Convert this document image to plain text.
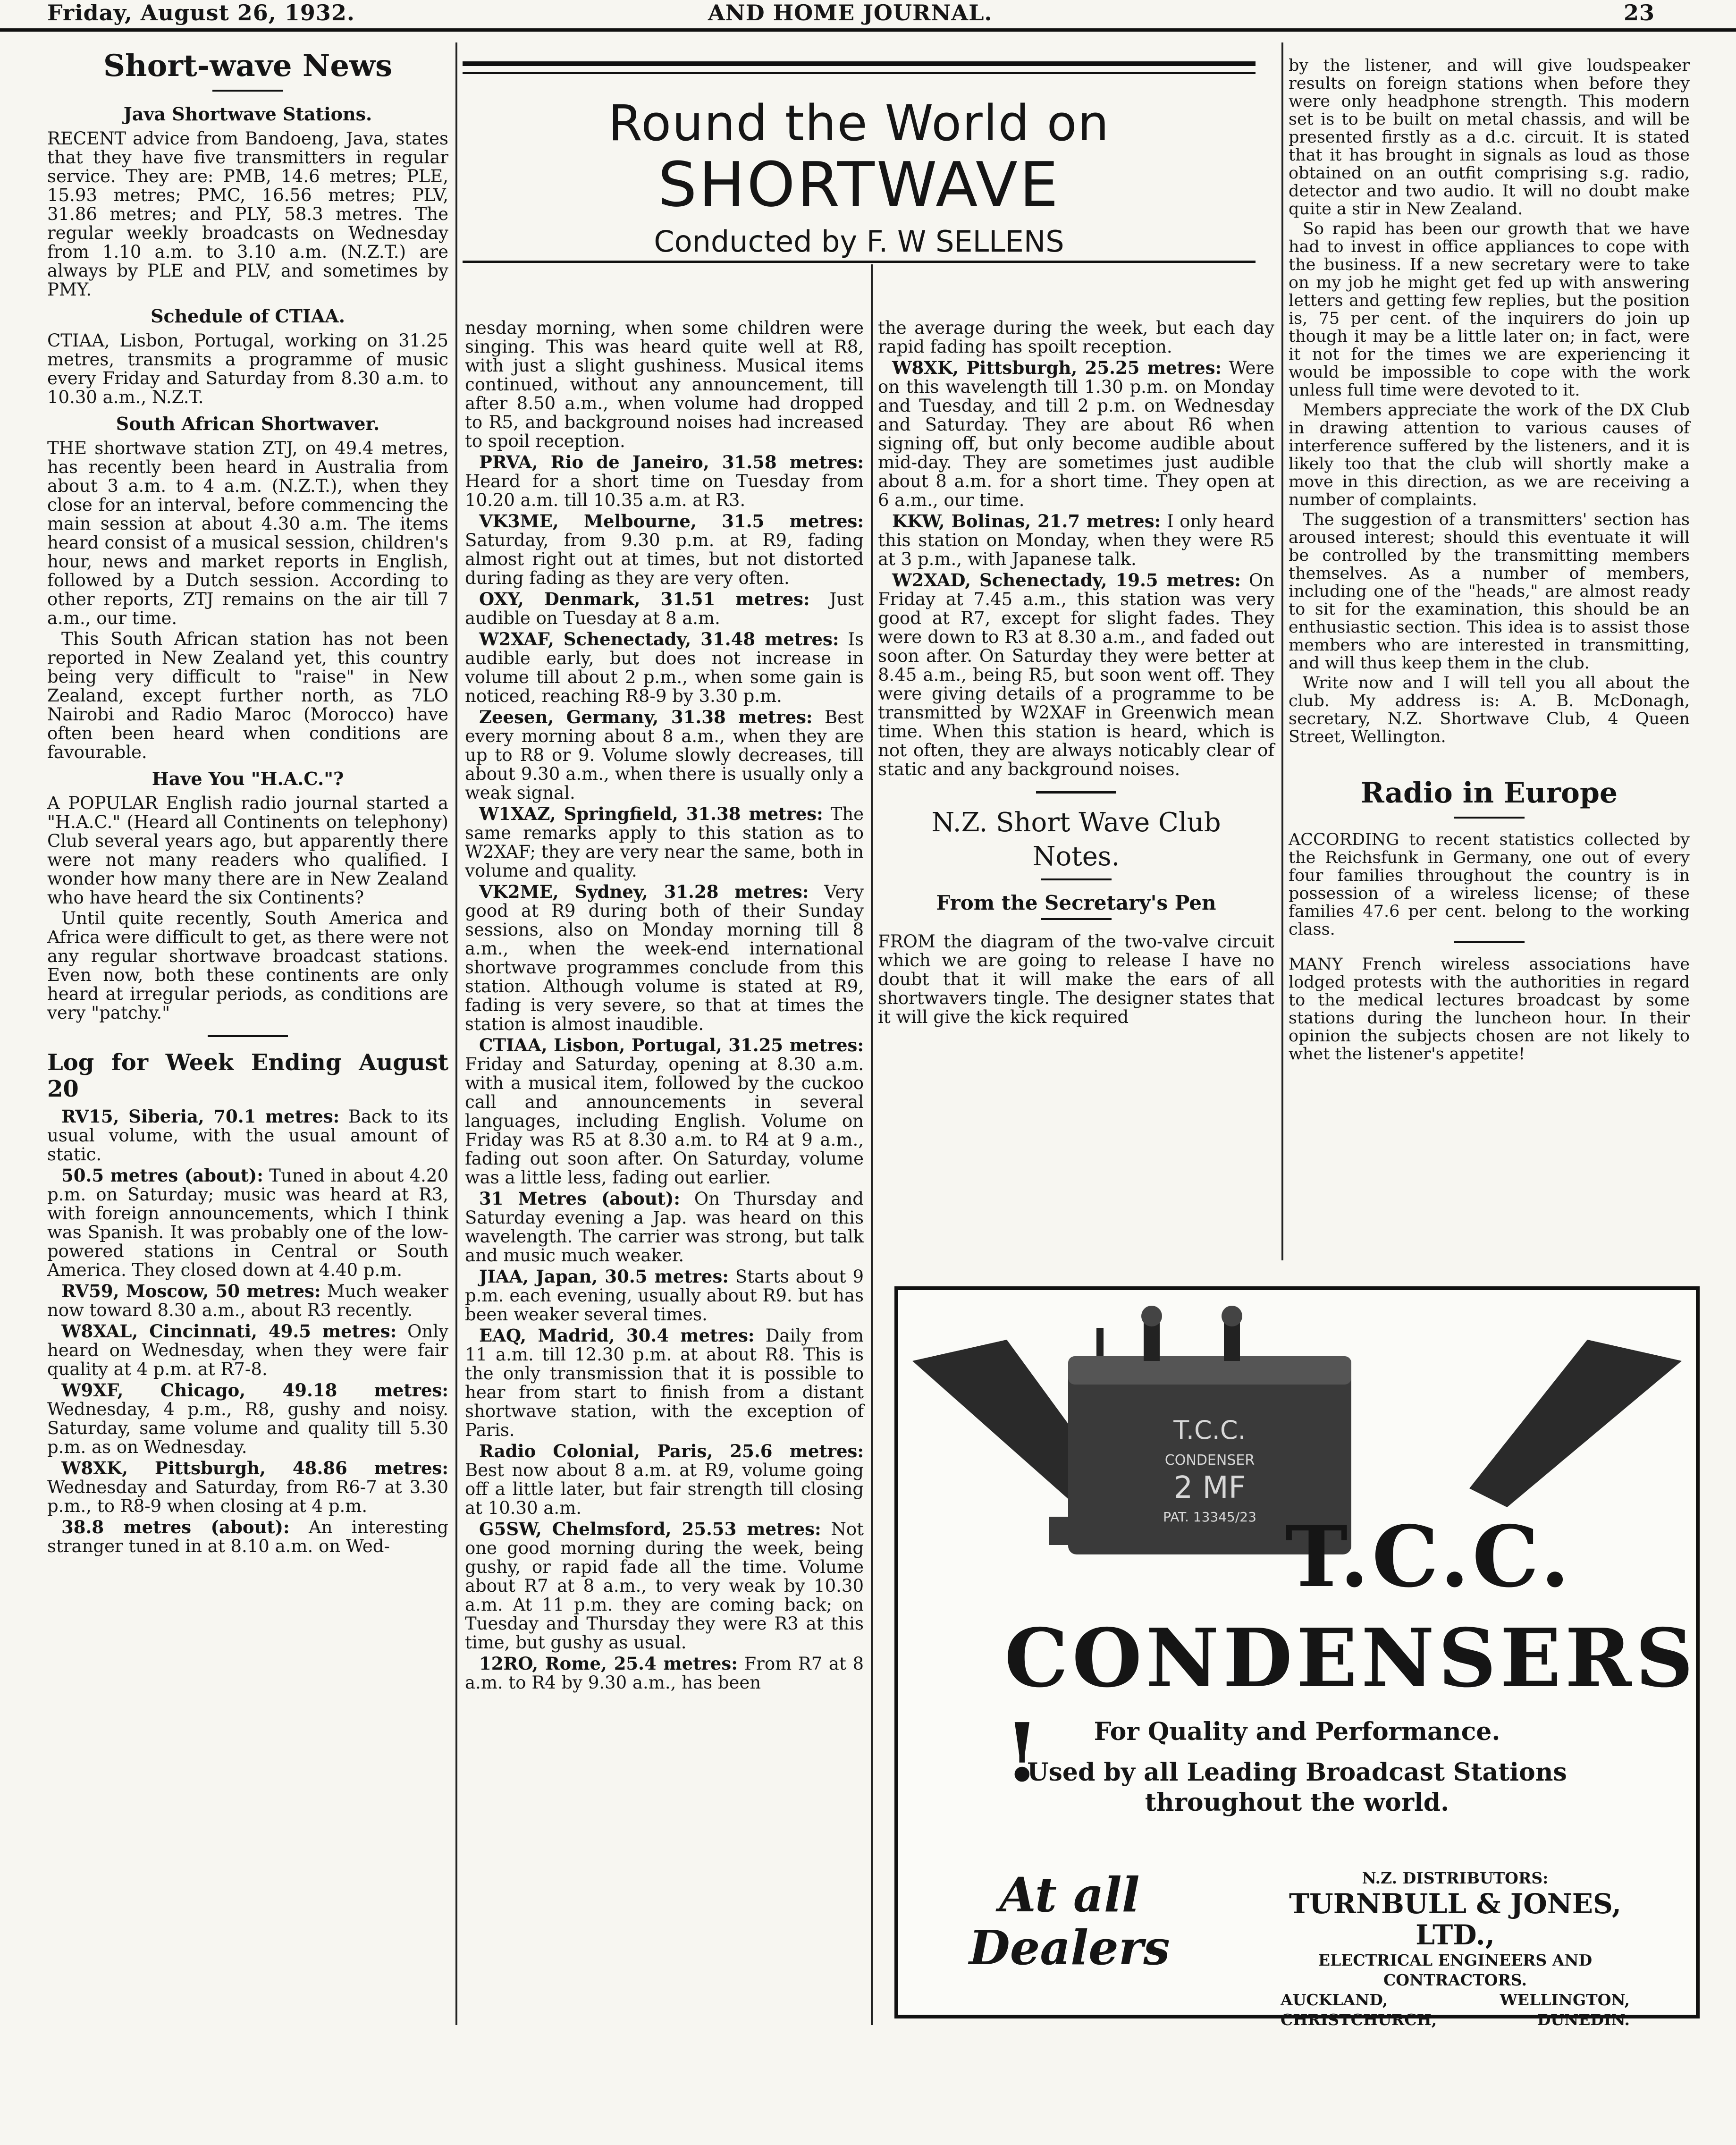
Friday, August 26, 1932.	AND HOME JOURNAL.	23
Round the World on
SHORTWAVE
Conducted by F. W SELLENS
Short-wave News
Java Shortwave Stations.

RECENT advice from Bandoeng, Java, states that they have five transmitters in regular service. They are: PMB, 14.6 metres; PLE, 15.93 metres; PMC, 16.56 metres; PLV, 31.86 metres; and PLY, 58.3 metres. The regular weekly broadcasts on Wednesday from 1.10 a.m. to 3.10 a.m. (N.Z.T.) are always by PLE and PLV, and sometimes by PMY.

Schedule of CTIAA.

CTIAA, Lisbon, Portugal, working on 31.25 metres, transmits a programme of music every Friday and Saturday from 8.30 a.m. to 10.30 a.m., N.Z.T.

South African Shortwaver.

THE shortwave station ZTJ, on 49.4 metres, has recently been heard in Australia from about 3 a.m. to 4 a.m. (N.Z.T.), when they close for an interval, before commencing the main session at about 4.30 a.m. The items heard consist of a musical session, children's hour, news and market reports in English, followed by a Dutch session. According to other reports, ZTJ remains on the air till 7 a.m., our time.

This South African station has not been reported in New Zealand yet, this country being very difficult to "raise" in New Zealand, except further north, as 7LO Nairobi and Radio Maroc (Morocco) have often been heard when conditions are favourable.

Have You "H.A.C."?

A POPULAR English radio journal started a "H.A.C." (Heard all Continents on telephony) Club several years ago, but apparently there were not many readers who qualified. I wonder how many there are in New Zealand who have heard the six Continents?

Until quite recently, South America and Africa were difficult to get, as there were not any regular shortwave broadcast stations. Even now, both these continents are only heard at irregular periods, as conditions are very "patchy."

Log for Week Ending August 20

RV15, Siberia, 70.1 metres: Back to its usual volume, with the usual amount of static.

50.5 metres (about): Tuned in about 4.20 p.m. on Saturday; music was heard at R3, with foreign announcements, which I think was Spanish. It was probably one of the low-powered stations in Central or South America. They closed down at 4.40 p.m.

RV59, Moscow, 50 metres: Much weaker now toward 8.30 a.m., about R3 recently.

W8XAL, Cincinnati, 49.5 metres: Only heard on Wednesday, when they were fair quality at 4 p.m. at R7-8.

W9XF, Chicago, 49.18 metres: Wednesday, 4 p.m., R8, gushy and noisy. Saturday, same volume and quality till 5.30 p.m. as on Wednesday.

W8XK, Pittsburgh, 48.86 metres: Wednesday and Saturday, from R6-7 at 3.30 p.m., to R8-9 when closing at 4 p.m.

38.8 metres (about): An interesting stranger tuned in at 8.10 a.m. on Wed-

nesday morning, when some children were singing. This was heard quite well at R8, with just a slight gushiness. Musical items continued, without any announcement, till after 8.50 a.m., when volume had dropped to R5, and background noises had increased to spoil reception.

PRVA, Rio de Janeiro, 31.58 metres: Heard for a short time on Tuesday from 10.20 a.m. till 10.35 a.m. at R3.

VK3ME, Melbourne, 31.5 metres: Saturday, from 9.30 p.m. at R9, fading almost right out at times, but not distorted during fading as they are very often.

OXY, Denmark, 31.51 metres: Just audible on Tuesday at 8 a.m.

W2XAF, Schenectady, 31.48 metres: Is audible early, but does not increase in volume till about 2 p.m., when some gain is noticed, reaching R8-9 by 3.30 p.m.

Zeesen, Germany, 31.38 metres: Best every morning about 8 a.m., when they are up to R8 or 9. Volume slowly decreases, till about 9.30 a.m., when there is usually only a weak signal.

W1XAZ, Springfield, 31.38 metres: The same remarks apply to this station as to W2XAF; they are very near the same, both in volume and quality.

VK2ME, Sydney, 31.28 metres: Very good at R9 during both of their Sunday sessions, also on Monday morning till 8 a.m., when the week-end international shortwave programmes conclude from this station. Although volume is stated at R9, fading is very severe, so that at times the station is almost inaudible.

CTIAA, Lisbon, Portugal, 31.25 metres: Friday and Saturday, opening at 8.30 a.m. with a musical item, followed by the cuckoo call and announcements in several languages, including English. Volume on Friday was R5 at 8.30 a.m. to R4 at 9 a.m., fading out soon after. On Saturday, volume was a little less, fading out earlier.

31 Metres (about): On Thursday and Saturday evening a Jap. was heard on this wavelength. The carrier was strong, but talk and music much weaker.

JIAA, Japan, 30.5 metres: Starts about 9 p.m. each evening, usually about R9. but has been weaker several times.

EAQ, Madrid, 30.4 metres: Daily from 11 a.m. till 12.30 p.m. at about R8. This is the only transmission that it is possible to hear from start to finish from a distant shortwave station, with the exception of Paris.

Radio Colonial, Paris, 25.6 metres: Best now about 8 a.m. at R9, volume going off a little later, but fair strength till closing at 10.30 a.m.

G5SW, Chelmsford, 25.53 metres: Not one good morning during the week, being gushy, or rapid fade all the time. Volume about R7 at 8 a.m., to very weak by 10.30 a.m. At 11 p.m. they are coming back; on Tuesday and Thursday they were R3 at this time, but gushy as usual.

12RO, Rome, 25.4 metres: From R7 at 8 a.m. to R4 by 9.30 a.m., has been

the average during the week, but each day rapid fading has spoilt reception.

W8XK, Pittsburgh, 25.25 metres: Were on this wavelength till 1.30 p.m. on Monday and Tuesday, and till 2 p.m. on Wednesday and Saturday. They are about R6 when signing off, but only become audible about mid-day. They are sometimes just audible about 8 a.m. for a short time. They open at 6 a.m., our time.

KKW, Bolinas, 21.7 metres: I only heard this station on Monday, when they were R5 at 3 p.m., with Japanese talk.

W2XAD, Schenectady, 19.5 metres: On Friday at 7.45 a.m., this station was very good at R7, except for slight fades. They were down to R3 at 8.30 a.m., and faded out soon after. On Saturday they were better at 8.45 a.m., being R5, but soon went off. They were giving details of a programme to be transmitted by W2XAF in Greenwich mean time. When this station is heard, which is not often, they are always noticably clear of static and any background noises.

N.Z. Short Wave Club
Notes.
From the Secretary's Pen

FROM the diagram of the two-valve circuit which we are going to release I have no doubt that it will make the ears of all shortwavers tingle. The designer states that it will give the kick required

by the listener, and will give loudspeaker results on foreign stations when before they were only headphone strength. This modern set is to be built on metal chassis, and will be presented firstly as a d.c. circuit. It is stated that it has brought in signals as loud as those obtained on an outfit comprising s.g. radio, detector and two audio. It will no doubt make quite a stir in New Zealand.

So rapid has been our growth that we have had to invest in office appliances to cope with the business. If a new secretary were to take on my job he might get fed up with answering letters and getting few replies, but the position is, 75 per cent. of the inquirers do join up though it may be a little later on; in fact, were it not for the times we are experiencing it would be impossible to cope with the work unless full time were devoted to it.

Members appreciate the work of the DX Club in drawing attention to various causes of interference suffered by the listeners, and it is likely too that the club will shortly make a move in this direction, as we are receiving a number of complaints.

The suggestion of a transmitters' section has aroused interest; should this eventuate it will be controlled by the transmitting members themselves. As a number of members, including one of the "heads," are almost ready to sit for the examination, this should be an enthusiastic section. This idea is to assist those members who are interested in transmitting, and will thus keep them in the club.

Write now and I will tell you all about the club. My address is: A. B. McDonagh, secretary, N.Z. Shortwave Club, 4 Queen Street, Wellington.

Radio in Europe

ACCORDING to recent statistics collected by the Reichsfunk in Germany, one out of every four families throughout the country is in possession of a wireless license; of these families 47.6 per cent. belong to the working class.

MANY French wireless associations have lodged protests with the authorities in regard to the medical lectures broadcast by some stations during the luncheon hour. In their opinion the subjects chosen are not likely to whet the listener's appetite!

T.C.C.
CONDENSER
2 MF
PAT. 13345/23 T.C.C.
CONDENSERS !	For Quality and Performance.
Used by all Leading Broadcast Stations
throughout the world.
At all
Dealers
N.Z. DISTRIBUTORS:
TURNBULL & JONES, LTD.,
ELECTRICAL ENGINEERS AND
CONTRACTORS.
AUCKLAND,	WELLINGTON,
CHRISTCHURCH,	DUNEDIN.
